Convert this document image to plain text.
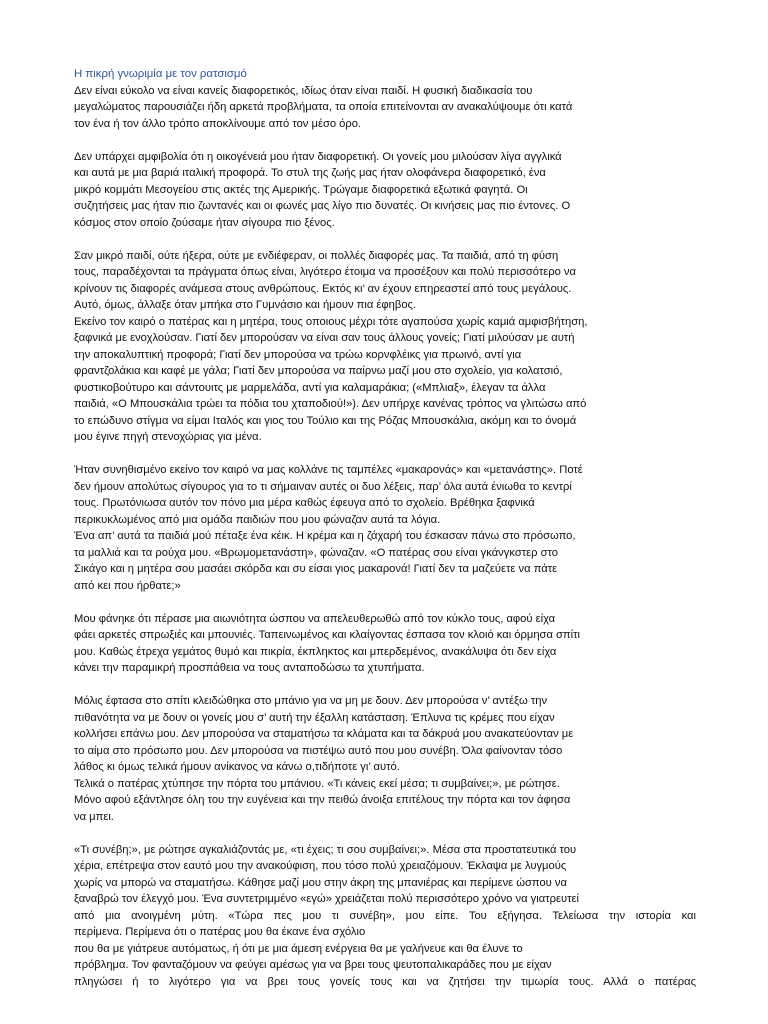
Η πικρή γνωριμία με τον ρατσισμό

Δεν είναι εύκολο να είναι κανείς διαφορετικός, ιδίως όταν είναι παιδί. Η φυσική διαδικασία του
μεγαλώματος παρουσιάζει ήδη αρκετά προβλήματα, τα οποία επιτείνονται αν ανακαλύψουμε ότι κατά
τον ένα ή τον άλλο τρόπο αποκλίνουμε από τον μέσο όρο.
Δεν υπάρχει αμφιβολία ότι η οικογένειά μου ήταν διαφορετική. Οι γονείς μου μιλούσαν λίγα αγγλικά
και αυτά με μια βαριά ιταλική προφορά. Το στυλ της ζωής μας ήταν ολοφάνερα διαφορετικό, ένα
μικρό κομμάτι Μεσογείου στις ακτές της Αμερικής. Τρώγαμε διαφορετικά εξωτικά φαγητά. Οι
συζητήσεις μας ήταν πιο ζωντανές και οι φωνές μας λίγο πιο δυνατές. Οι κινήσεις μας πιο έντονες. Ο
κόσμος στον οποίο ζούσαμε ήταν σίγουρα πιο ξένος.
Σαν μικρό παιδί, ούτε ήξερα, ούτε με ενδιέφεραν, οι πολλές διαφορές μας. Τα παιδιά, από τη φύση
τους, παραδέχονται τα πράγματα όπως είναι, λιγότερο έτοιμα να προσέξουν και πολύ περισσότερο να
κρίνουν τις διαφορές ανάμεσα στους ανθρώπους. Εκτός κι’ αν έχουν επηρεαστεί από τους μεγάλους.
Αυτό, όμως, άλλαξε όταν μπήκα στο Γυμνάσιο και ήμουν πια έφηβος.
Εκείνο τον καιρό ο πατέρας και η μητέρα, τους οποιους μέχρι τότε αγαπούσα χωρίς καμιά αμφισβήτηση,
ξαφνικά με ενοχλούσαν. Γιατί δεν μπορούσαν να είναι σαν τους άλλους γονείς; Γιατί μιλούσαν με αυτή
την αποκαλυπτική προφορά; Γιατί δεν μπορούσα να τρώω κορνφλέικς για πρωινό, αντί για
φραντζολάκια και καφέ με γάλα; Γιατί δεν μπορούσα να παίρνω μαζί μου στο σχολείο, για κολατσιό,
φυστικοβούτυρο και σάντουιτς με μαρμελάδα, αντί για καλαμαράκια; («Μπλιαξ», έλεγαν τα άλλα
παιδιά, «Ο Μπουσκάλια τρώει τα πόδια του χταποδιού!»). Δεν υπήρχε κανένας τρόπος να γλιτώσω από
το επώδυνο στίγμα να είμαι Ιταλός και γιος του Τούλιο και της Ρόζας Μπουσκάλια, ακόμη και το όνομά
μου έγινε πηγή στενοχώριας για μένα.
Ήταν συνηθισμένο εκείνο τον καιρό να μας κολλάνε τις ταμπέλες «μακαρονάς» και «μετανάστης». Ποτέ
δεν ήμουν απολύτως σίγουρος για το τι σήμαιναν αυτές οι δυο λέξεις, παρ’ όλα αυτά ένιωθα το κεντρί
τους. Πρωτόνιωσα αυτόν τον πόνο μια μέρα καθώς έφευγα από το σχολείο. Βρέθηκα ξαφνικά
περικυκλωμένος από μια ομάδα παιδιών που μου φώναζαν αυτά τα λόγια.
Ένα απ’ αυτά τα παιδιά μού πέταξε ένα κέικ. Η κρέμα και η ζάχαρή του έσκασαν πάνω στο πρόσωπο,
τα μαλλιά και τα ρούχα μου. «Βρωμομετανάστη», φώναζαν. «Ο πατέρας σου είναι γκάνγκστερ στο
Σικάγο και η μητέρα σου μασάει σκόρδα και συ είσαι γιος μακαρονά! Γιατί δεν τα μαζεύετε να πάτε
από κει που ήρθατε;»
Μου φάνηκε ότι πέρασε μια αιωνιότητα ώσπου να απελευθερωθώ από τον κύκλο τους, αφού είχα
φάει αρκετές σπρωξιές και μπουνιές. Ταπεινωμένος και κλαίγοντας έσπασα τον κλοιό και όρμησα σπίτι
μου. Καθώς έτρεχα γεμάτος θυμό και πικρία, έκπληκτος και μπερδεμένος, ανακάλυψα ότι δεν είχα
κάνει την παραμικρή προσπάθεια να τους ανταποδώσω τα χτυπήματα.
Μόλις έφτασα στο σπίτι κλειδώθηκα στο μπάνιο για να μη με δουν. Δεν μπορούσα ν’ αντέξω την
πιθανότητα να με δουν οι γονείς μου σ’ αυτή την έξαλλη κατάσταση. Έπλυνα τις κρέμες που είχαν
κολλήσει επάνω μου. Δεν μπορούσα να σταματήσω τα κλάματα και τα δάκρυά μου ανακατεύονταν με
το αίμα στο πρόσωπο μου. Δεν μπορούσα να πιστέψω αυτό που μου συνέβη. Όλα φαίνονταν τόσο
λάθος κι όμως τελικά ήμουν ανίκανος να κάνω ο,τιδήποτε γι’ αυτό.
Τελικά ο πατέρας χτύπησε την πόρτα του μπάνιου. «Τι κάνεις εκεί μέσα; τι συμβαίνει;», με ρώτησε.
Μόνο αφού εξάντλησε όλη του την ευγένεια και την πειθώ άνοιξα επιτέλους την πόρτα και τον άφησα
να μπει.
«Τι συνέβη;», με ρώτησε αγκαλιάζοντάς με, «τι έχεις; τι σου συμβαίνει;». Μέσα στα προστατευτικά του
χέρια, επέτρεψα στον εαυτό μου την ανακούφιση, που τόσο πολύ χρειαζόμουν. Έκλαψα με λυγμούς
χωρίς να μπορώ να σταματήσω. Κάθησε μαζί μου στην άκρη της μπανιέρας και περίμενε ώσπου να
ξαναβρώ τον έλεγχό μου. Ένα συντετριμμένο «εγώ» χρειάζεται πολύ περισσότερο χρόνο να γιατρευτεί
από μια ανοιγμένη μύτη. «Τώρα πες μου τι συνέβη», μου είπε. Του εξήγησα. Τελείωσα την ιστορία και
περίμενα. Περίμενα ότι ο πατέρας μου θα έκανε ένα σχόλιο
που θα με γιάτρευε αυτόματως, ή ότι με μια άμεση ενέργεια θα με γαλήνευε και θα έλυνε το
πρόβλημα. Τον φανταζόμουν να φεύγει αμέσως για να βρει τους ψευτοπαλικαράδες που με είχαν
πληγώσει ή το λιγότερο για να βρει τους γονείς τους και να ζητήσει την τιμωρία τους. Αλλά ο πατέρας
